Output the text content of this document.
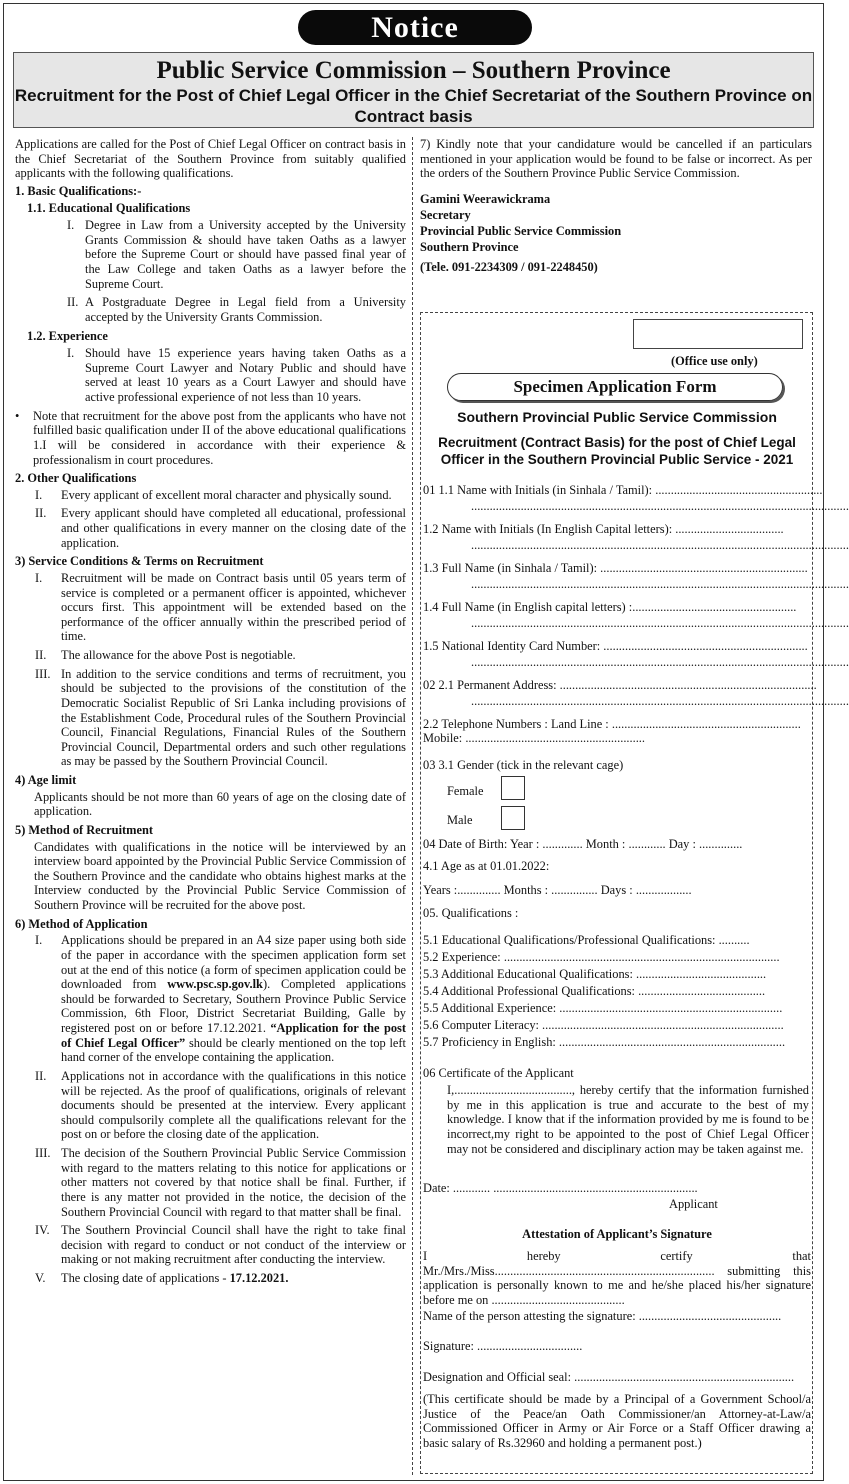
Notice
Public Service Commission – Southern Province
Recruitment for the Post of Chief Legal Officer in the Chief Secretariat of the Southern Province on Contract basis

Applications are called for the Post of Chief Legal Officer on contract basis in the Chief Secretariat of the Southern Province from suitably qualified applicants with the following qualifications.

1. Basic Qualifications:-
1.1. Educational Qualifications
I. Degree in Law from a University accepted by the University Grants Commission & should have taken Oaths as a lawyer before the Supreme Court or should have passed final year of the Law College and taken Oaths as a lawyer before the Supreme Court.
II. A Postgraduate Degree in Legal field from a University accepted by the University Grants Commission.
1.2. Experience
I. Should have 15 experience years having taken Oaths as a Supreme Court Lawyer and Notary Public and should have served at least 10 years as a Court Lawyer and should have active professional experience of not less than 10 years.
•	Note that recruitment for the above post from the applicants who have not fulfilled basic qualification under II of the above educational qualifications 1.I will be considered in accordance with their experience & professionalism in court procedures.
2. Other Qualifications
I.	Every applicant of excellent moral character and physically sound.
II.	Every applicant should have completed all educational, professional and other qualifications in every manner on the closing date of the application.
3) Service Conditions & Terms on Recruitment
I.	Recruitment will be made on Contract basis until 05 years term of service is completed or a permanent officer is appointed, whichever occurs first. This appointment will be extended based on the performance of the officer annually within the prescribed period of time.
II.	The allowance for the above Post is negotiable.
III. In addition to the service conditions and terms of recruitment, you should be subjected to the provisions of the constitution of the Democratic Socialist Republic of Sri Lanka including provisions of the Establishment Code, Procedural rules of the Southern Provincial Council, Financial Regulations, Financial Rules of the Southern Provincial Council, Departmental orders and such other regulations as may be passed by the Southern Provincial Council.
4) Age limit

Applicants should be not more than 60 years of age on the closing date of application.

5) Method of Recruitment

Candidates with qualifications in the notice will be interviewed by an interview board appointed by the Provincial Public Service Commission of the Southern Province and the candidate who obtains highest marks at the Interview conducted by the Provincial Public Service Commission of Southern Province will be recruited for the above post.

6) Method of Application
I.	Applications should be prepared in an A4 size paper using both side of the paper in accordance with the specimen application form set out at the end of this notice (a form of specimen application could be downloaded from www.psc.sp.gov.lk). Completed applications should be forwarded to Secretary, Southern Province Public Service Commission, 6th Floor, District Secretariat Building, Galle by registered post on or before 17.12.2021. “Application for the post of Chief Legal Officer” should be clearly mentioned on the top left hand corner of the envelope containing the application.
II.	Applications not in accordance with the qualifications in this notice will be rejected. As the proof of qualifications, originals of relevant documents should be presented at the interview. Every applicant should compulsorily complete all the qualifications relevant for the post on or before the closing date of the application.
III. The decision of the Southern Provincial Public Service Commission with regard to the matters relating to this notice for applications or other matters not covered by that notice shall be final. Further, if there is any matter not provided in the notice, the decision of the Southern Provincial Council with regard to that matter shall be final.
IV. The Southern Provincial Council shall have the right to take final decision with regard to conduct or not conduct of the interview or making or not making recruitment after conducting the interview.
V.	The closing date of applications - 17.12.2021.

7) Kindly note that your candidature would be cancelled if an particulars mentioned in your application would be found to be false or incorrect. As per the orders of the Southern Province Public Service Commission.

Gamini Weerawickrama
Secretary
Provincial Public Service Commission
Southern Province
(Tele. 091-2234309 / 091-2248450)
(Office use only)
Specimen Application Form
Southern Provincial Public Service Commission
Recruitment (Contract Basis) for the post of Chief Legal Officer in the Southern Provincial Public Service - 2021
01 1.1 Name with Initials (in Sinhala / Tamil): ......................................................
..........................................................................................................................
1.2 Name with Initials (In English Capital letters): ...................................
..........................................................................................................................
1.3 Full Name (in Sinhala / Tamil): ...................................................................
..........................................................................................................................
1.4 Full Name (in English capital letters) :.....................................................
..........................................................................................................................
1.5 National Identity Card Number: ..................................................................
..........................................................................................................................
02 2.1 Permanent Address: ...................................................................................
..........................................................................................................................
2.2 Telephone Numbers : Land Line : .............................................................
Mobile: ..........................................................
03 3.1 Gender (tick in the relevant cage)
Female
Male
04 Date of Birth: Year : ............. Month : ............ Day : ..............
4.1 Age as at 01.01.2022:
Years :.............. Months : ............... Days : ..................
05. Qualifications :
5.1 Educational Qualifications/Professional Qualifications: ..........
5.2 Experience: .........................................................................................
5.3 Additional Educational Qualifications: ..........................................
5.4 Additional Professional Qualifications: .........................................
5.5 Additional Experience: ........................................................................
5.6 Computer Literacy: ..............................................................................
5.7 Proficiency in English: .........................................................................
06 Certificate of the Applicant
I,......................................, hereby certify that the information furnished by me in this application is true and accurate to the best of my knowledge. I know that if the information provided by me is found to be incorrect,my right to be appointed to the post of Chief Legal Officer may not be considered and disciplinary action may be taken against me.
Date: ............ ..................................................................
Applicant
Attestation of Applicant’s Signature
I hereby certify that Mr./Mrs./Miss....................................................................... submitting this application is personally known to me and he/she placed his/her signature before me on ...........................................
Name of the person attesting the signature: ..............................................
Signature: ..................................
Designation and Official seal: .......................................................................
(This certificate should be made by a Principal of a Government School/a Justice of the Peace/an Oath Commissioner/an Attorney-at-Law/a Commissioned Officer in Army or Air Force or a Staff Officer drawing a basic salary of Rs.32960 and holding a permanent post.)
